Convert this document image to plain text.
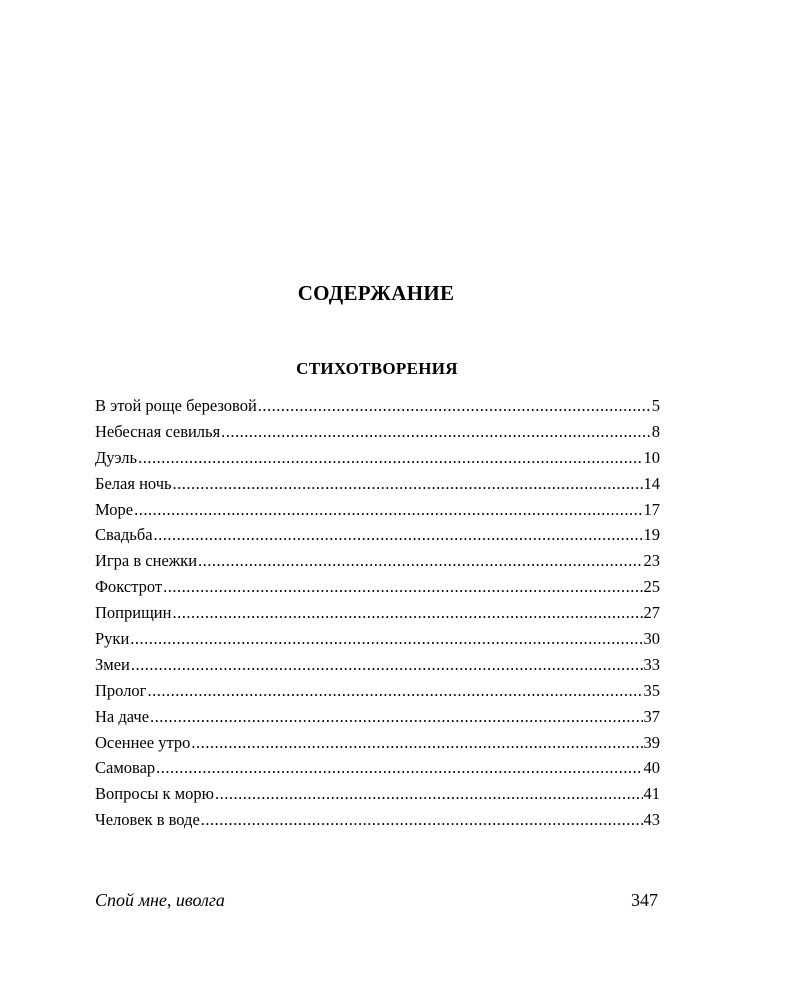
СОДЕРЖАНИЕ
СТИХОТВОРЕНИЯ
В этой роще березовой .....	5
Небесная севилья .....	8
Дуэль .....	10
Белая ночь .....	14
Море .....	17
Свадьба .....	19
Игра в снежки .....	23
Фокстрот .....	25
Поприщин .....	27
Руки .....	30
Змеи .....	33
Пролог .....	35
На даче .....	37
Осеннее утро .....	39
Самовар .....	40
Вопросы к морю .....	41
Человек в воде .....	43
Спой мне, иволга	347
